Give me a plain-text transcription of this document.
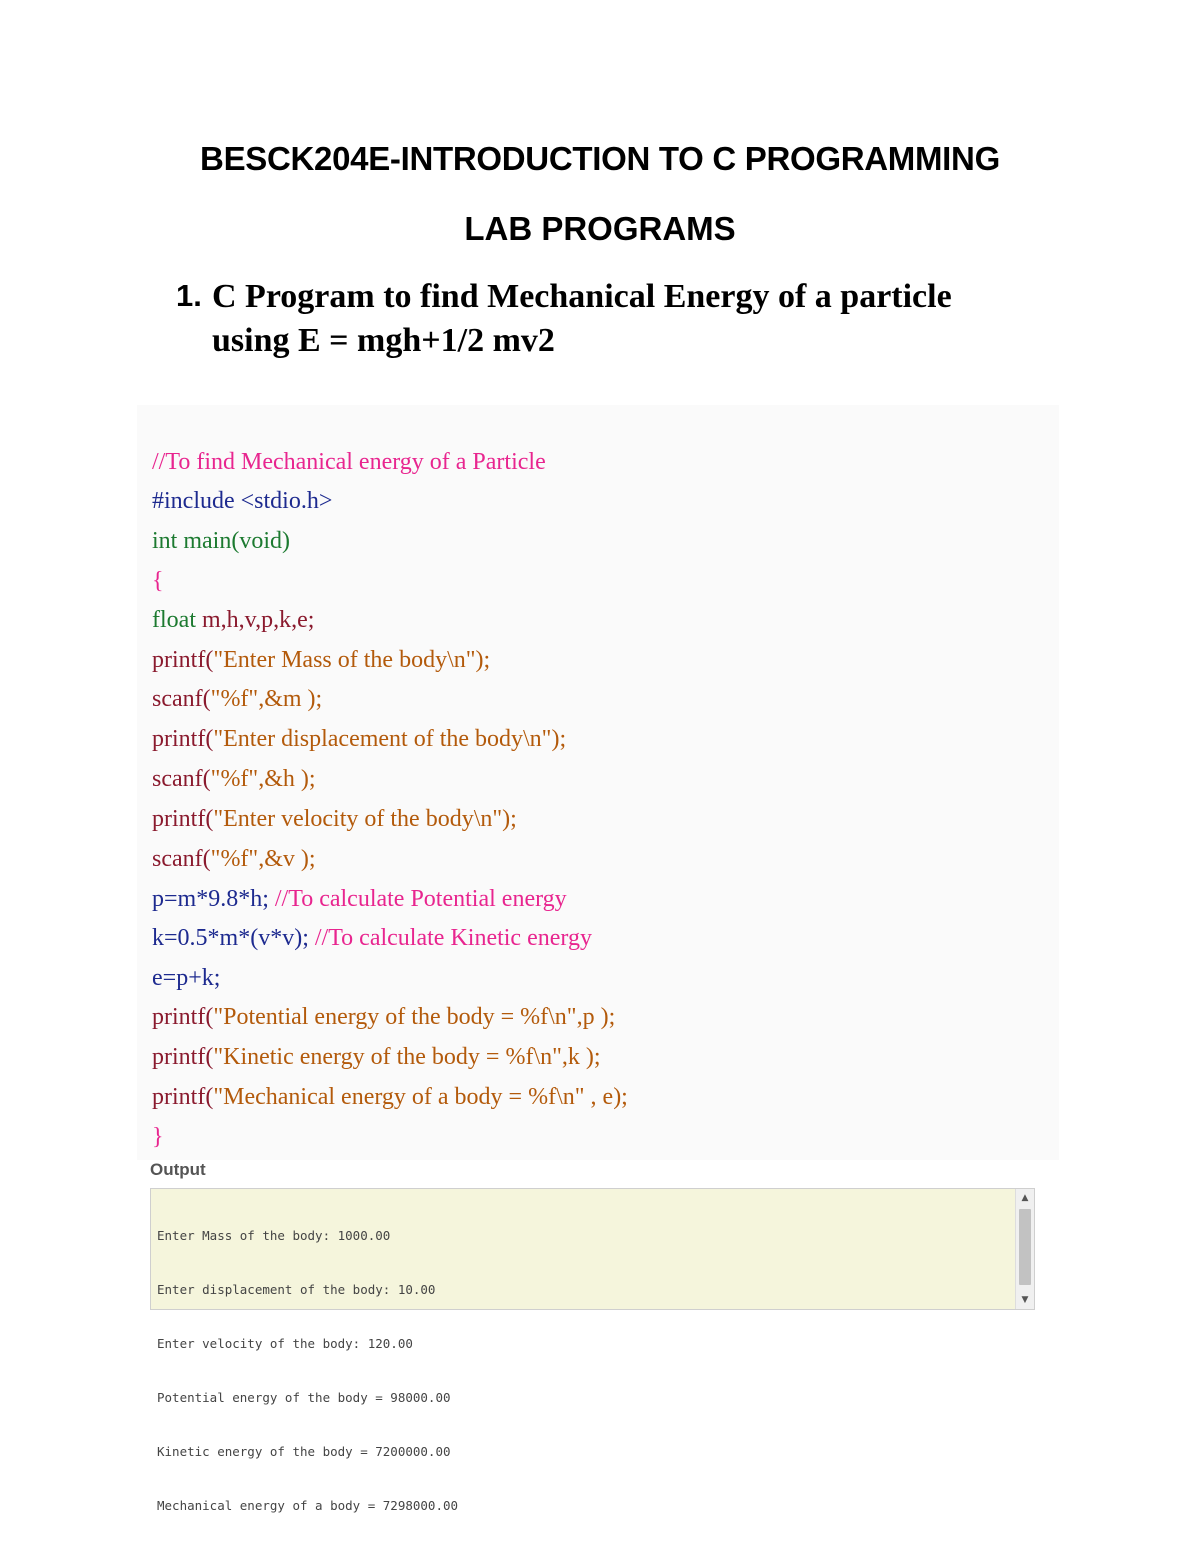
BESCK204E-INTRODUCTION TO C PROGRAMMING
LAB PROGRAMS
1. C Program to find Mechanical Energy of a particle using E = mgh+1/2 mv2

//To find Mechanical energy of a Particle

#include <stdio.h>

int main(void)

{

float m,h,v,p,k,e;

printf("Enter Mass of the body\n");

scanf("%f",&m );

printf("Enter displacement of the body\n");

scanf("%f",&h );

printf("Enter velocity of the body\n");

scanf("%f",&v );

p=m*9.8*h; //To calculate Potential energy

k=0.5*m*(v*v); //To calculate Kinetic energy

e=p+k;

printf("Potential energy of the body = %f\n",p );

printf("Kinetic energy of the body = %f\n",k );

printf("Mechanical energy of a body = %f\n" , e);

}

Output

Enter Mass of the body: 1000.00

Enter displacement of the body: 10.00

Enter velocity of the body: 120.00

Potential energy of the body = 98000.00

Kinetic energy of the body = 7200000.00

Mechanical energy of a body = 7298000.00

▲
▼
